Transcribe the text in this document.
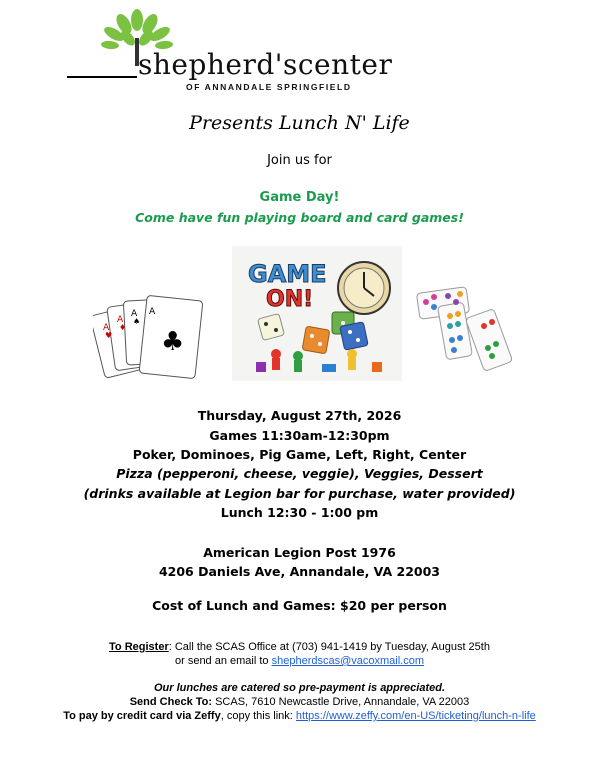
shepherd'scenter
OF ANNANDALE SPRINGFIELD
Presents Lunch N' Life
Join us for
Game Day!
Come have fun playing board and card games!
A
A
A A
♣
♥
♦
♠
GAME
ON!
Thursday, August 27th, 2026
Games 11:30am-12:30pm
Poker, Dominoes, Pig Game, Left, Right, Center
Pizza (pepperoni, cheese, veggie), Veggies, Dessert
(drinks available at Legion bar for purchase, water provided)
Lunch 12:30 - 1:00 pm
American Legion Post 1976
4206 Daniels Ave, Annandale, VA 22003
Cost of Lunch and Games: $20 per person
To Register: Call the SCAS Office at (703) 941-1419 by Tuesday, August 25th
or send an email to shepherdscas@vacoxmail.com
Our lunches are catered so pre-payment is appreciated.
Send Check To: SCAS, 7610 Newcastle Drive, Annandale, VA 22003
To pay by credit card via Zeffy, copy this link: https://www.zeffy.com/en-US/ticketing/lunch-n-life
